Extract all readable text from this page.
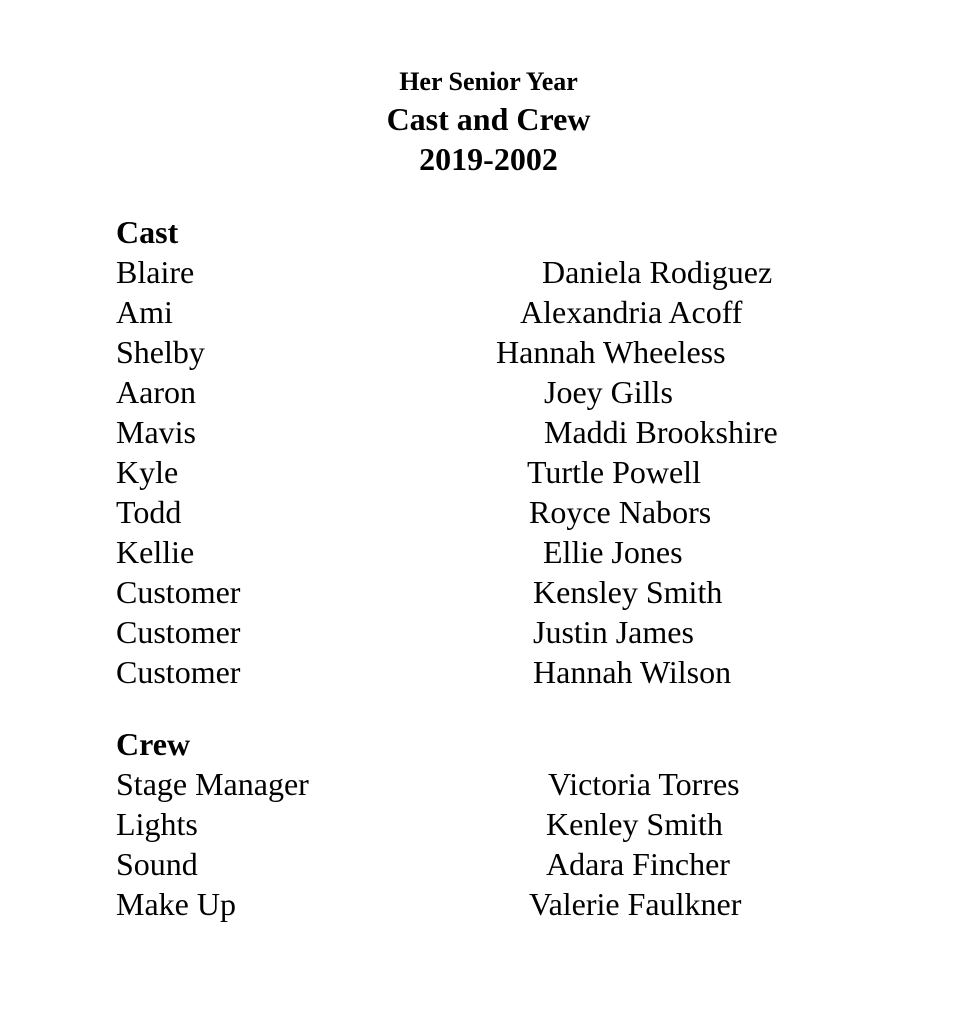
Her Senior Year
Cast and Crew
2019-2002
Cast
Blaire	Daniela Rodiguez
Ami	Alexandria Acoff
Shelby	Hannah Wheeless
Aaron	Joey Gills
Mavis	Maddi Brookshire
Kyle	Turtle Powell
Todd	Royce Nabors
Kellie	Ellie Jones
Customer	Kensley Smith
Customer	Justin James
Customer	Hannah Wilson
Crew
Stage Manager	Victoria Torres
Lights	Kenley Smith
Sound	Adara Fincher
Make Up	Valerie Faulkner
